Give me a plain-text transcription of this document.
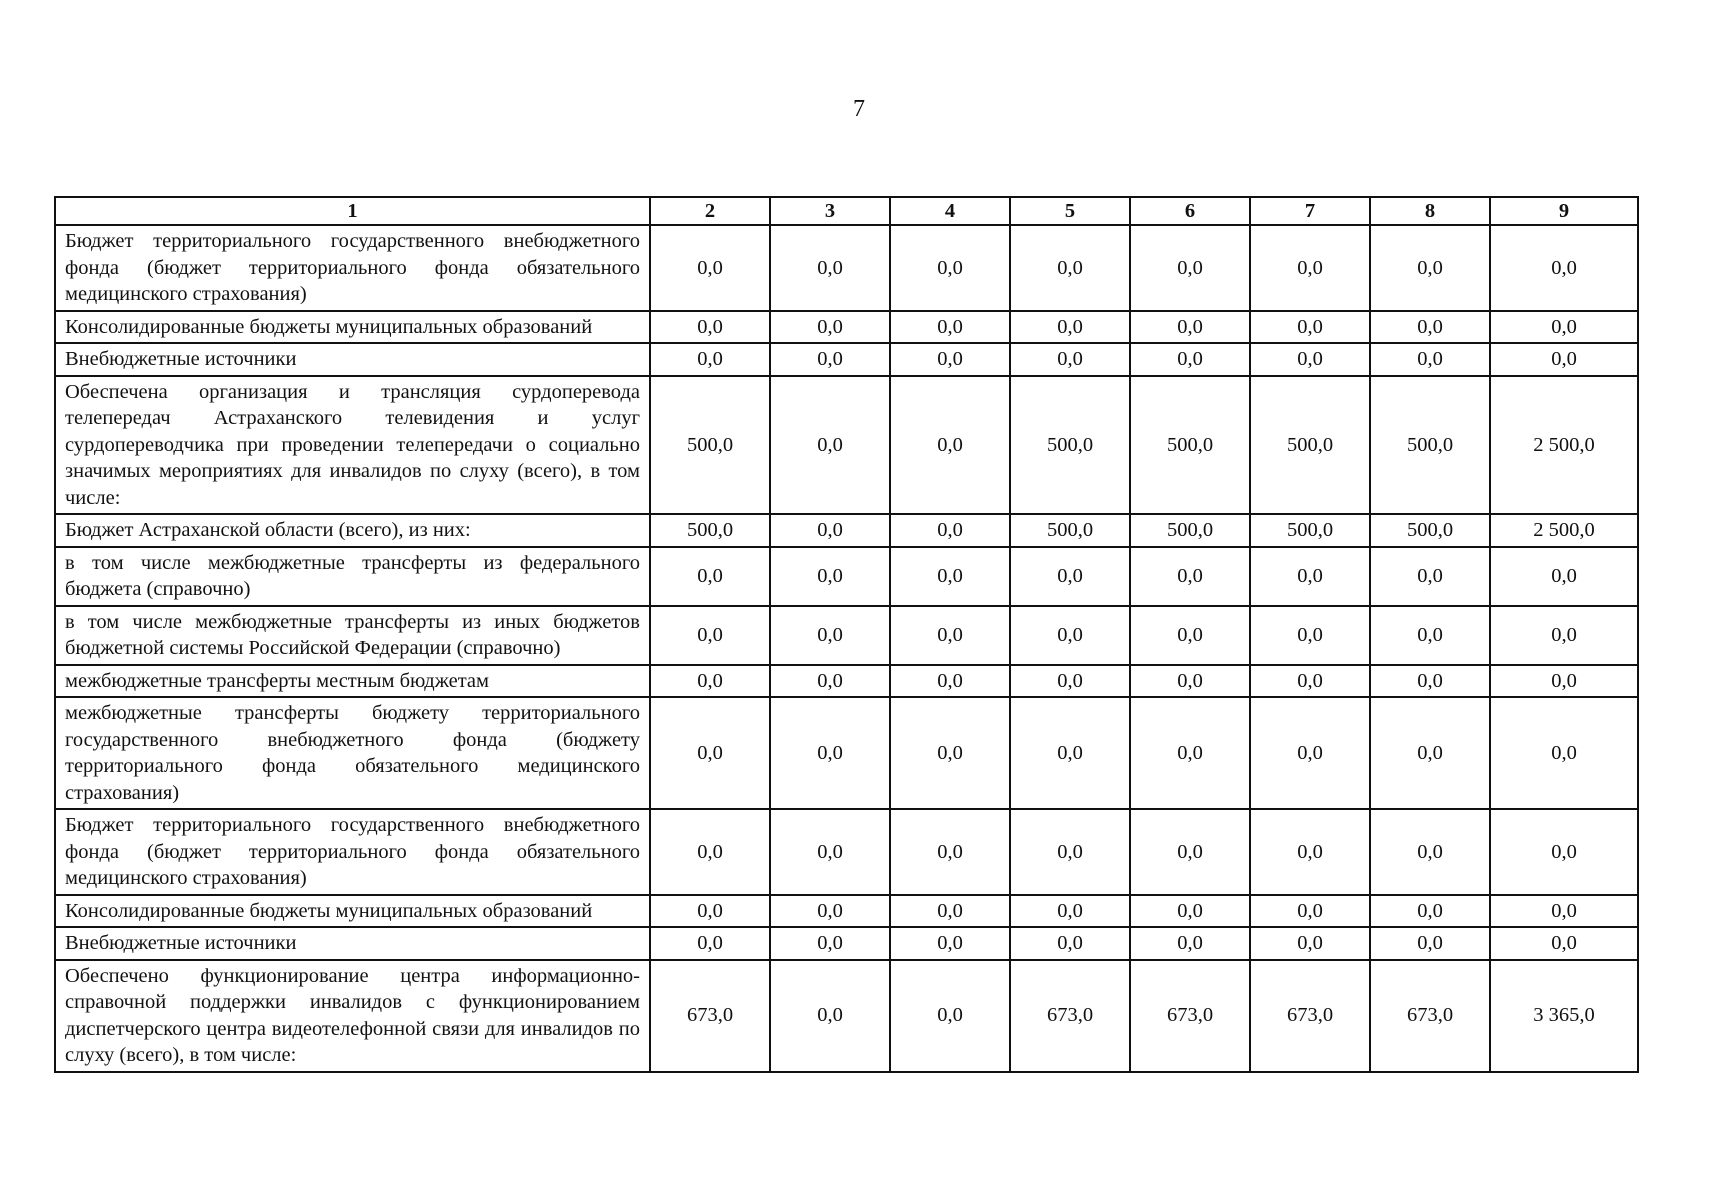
7
1	2	3	4	5	6	7	8	9
Бюджет территориального государственного внебюджетного фонда (бюджет территориального фонда обязательного медицинского страхования)	0,0	0,0	0,0	0,0	0,0	0,0	0,0	0,0
Консолидированные бюджеты муниципальных образований	0,0	0,0	0,0	0,0	0,0	0,0	0,0	0,0
Внебюджетные источники	0,0	0,0	0,0	0,0	0,0	0,0	0,0	0,0
Обеспечена организация и трансляция сурдоперевода телепередач Астраханского телевидения и услуг сурдопереводчика при проведении телепередачи о социально значимых мероприятиях для инвалидов по слуху (всего), в том числе:	500,0	0,0	0,0	500,0	500,0	500,0	500,0	2 500,0
Бюджет Астраханской области (всего), из них:	500,0	0,0	0,0	500,0	500,0	500,0	500,0	2 500,0
в том числе межбюджетные трансферты из федерального бюджета (справочно)	0,0	0,0	0,0	0,0	0,0	0,0	0,0	0,0
в том числе межбюджетные трансферты из иных бюджетов бюджетной системы Российской Федерации (справочно)	0,0	0,0	0,0	0,0	0,0	0,0	0,0	0,0
межбюджетные трансферты местным бюджетам	0,0	0,0	0,0	0,0	0,0	0,0	0,0	0,0
межбюджетные трансферты бюджету территориального государственного внебюджетного фонда (бюджету территориального фонда обязательного медицинского страхования)	0,0	0,0	0,0	0,0	0,0	0,0	0,0	0,0
Бюджет территориального государственного внебюджетного фонда (бюджет территориального фонда обязательного медицинского страхования)	0,0	0,0	0,0	0,0	0,0	0,0	0,0	0,0
Консолидированные бюджеты муниципальных образований	0,0	0,0	0,0	0,0	0,0	0,0	0,0	0,0
Внебюджетные источники	0,0	0,0	0,0	0,0	0,0	0,0	0,0	0,0
Обеспечено функционирование центра информационно-справочной поддержки инвалидов с функционированием диспетчерского центра видеотелефонной связи для инвалидов по слуху (всего), в том числе:	673,0	0,0	0,0	673,0	673,0	673,0	673,0	3 365,0
